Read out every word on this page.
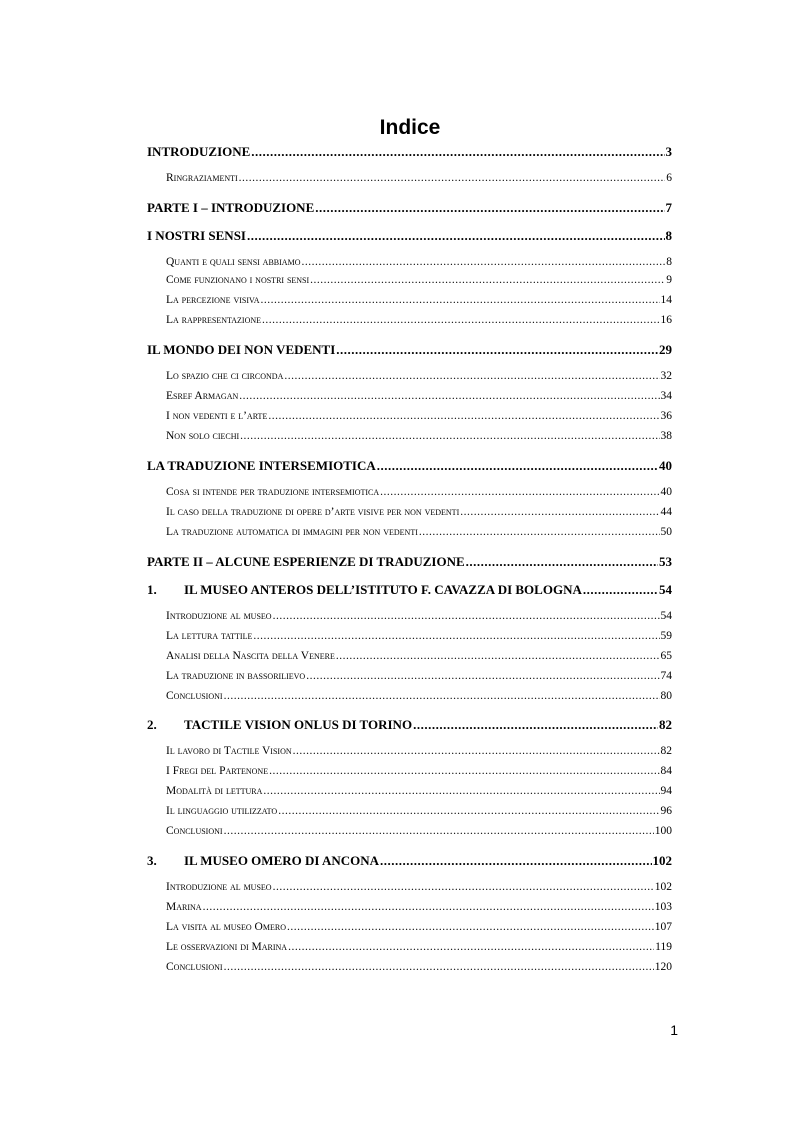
Indice
INTRODUZIONE .....	3
Ringraziamenti .....	6
PARTE I – INTRODUZIONE .....	7
I NOSTRI SENSI .....	8
Quanti e quali sensi abbiamo .....	8
Come funzionano i nostri sensi .....	9
La percezione visiva .....	14
La rappresentazione .....	16
IL MONDO DEI NON VEDENTI .....	29
Lo spazio che ci circonda .....	32
Esref Armagan .....	34
I non vedenti e l’arte .....	36
Non solo ciechi .....	38
LA TRADUZIONE INTERSEMIOTICA .....	40
Cosa si intende per traduzione intersemiotica .....	40
Il caso della traduzione di opere d’arte visive per non vedenti .....	44
La traduzione automatica di immagini per non vedenti .....	50
PARTE II – ALCUNE ESPERIENZE DI TRADUZIONE .....	53
1. IL MUSEO ANTEROS DELL’ISTITUTO F. CAVAZZA DI BOLOGNA .....	54
Introduzione al museo .....	54
La lettura tattile .....	59
Analisi della Nascita della Venere .....	65
La traduzione in bassorilievo .....	74
Conclusioni .....	80
2. TACTILE VISION ONLUS DI TORINO .....	82
Il lavoro di Tactile Vision .....	82
I Fregi del Partenone .....	84
Modalità di lettura .....	94
Il linguaggio utilizzato .....	96
Conclusioni .....	100
3. IL MUSEO OMERO DI ANCONA .....	102
Introduzione al museo .....	102
Marina .....	103
La visita al museo Omero .....	107
Le osservazioni di Marina .....	119
Conclusioni .....	120
1
